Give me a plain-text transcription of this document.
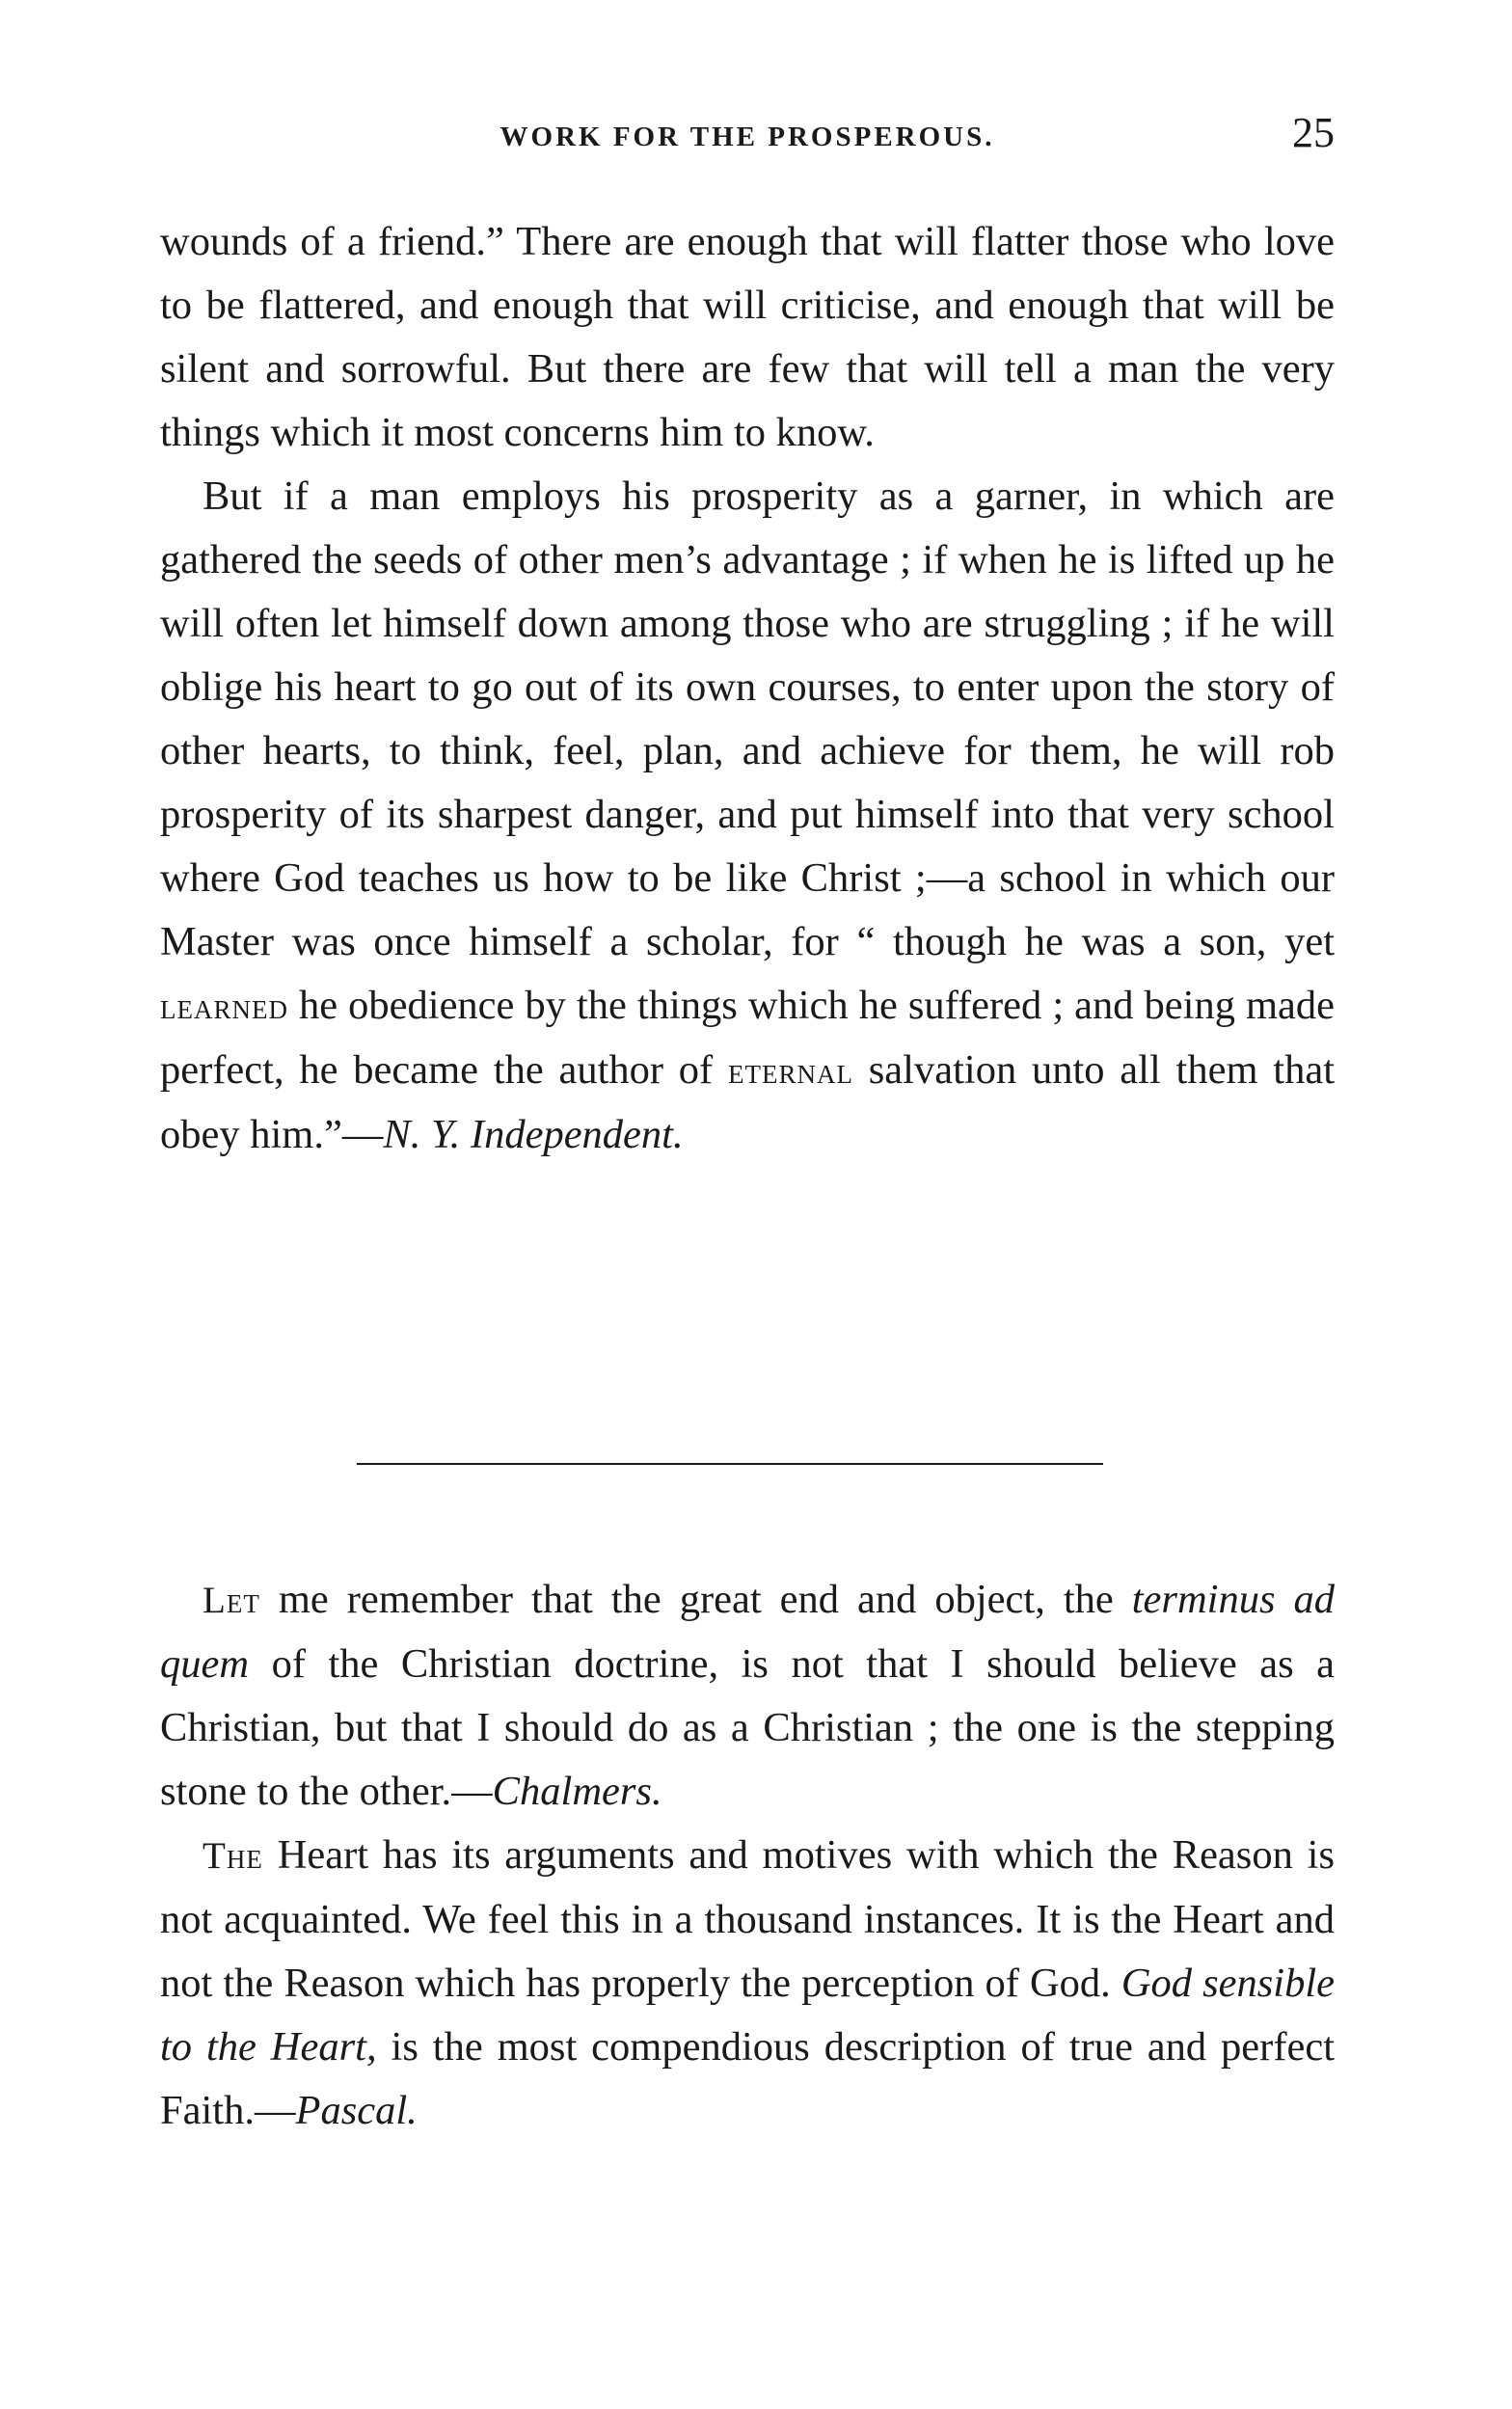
WORK FOR THE PROSPEROUS.	25

wounds of a friend.” There are enough that will flatter those who love to be flattered, and enough that will criticise, and enough that will be silent and sorrowful. But there are few that will tell a man the very things which it most concerns him to know.

But if a man employs his prosperity as a garner, in which are gathered the seeds of other men’s advantage ; if when he is lifted up he will often let himself down among those who are struggling ; if he will oblige his heart to go out of its own courses, to enter upon the story of other hearts, to think, feel, plan, and achieve for them, he will rob prosperity of its sharpest danger, and put himself into that very school where God teaches us how to be like Christ ;—a school in which our Master was once himself a scholar, for “ though he was a son, yet learned he obedience by the things which he suffered ; and being made perfect, he became the author of eternal salvation unto all them that obey him.”—N. Y. Independent.

Let me remember that the great end and object, the terminus ad quem of the Christian doctrine, is not that I should believe as a Christian, but that I should do as a Christian ; the one is the stepping stone to the other.—Chalmers.

The Heart has its arguments and motives with which the Reason is not acquainted. We feel this in a thousand instances. It is the Heart and not the Reason which has properly the perception of God. God sensible to the Heart, is the most compendious description of true and perfect Faith.—Pascal.
